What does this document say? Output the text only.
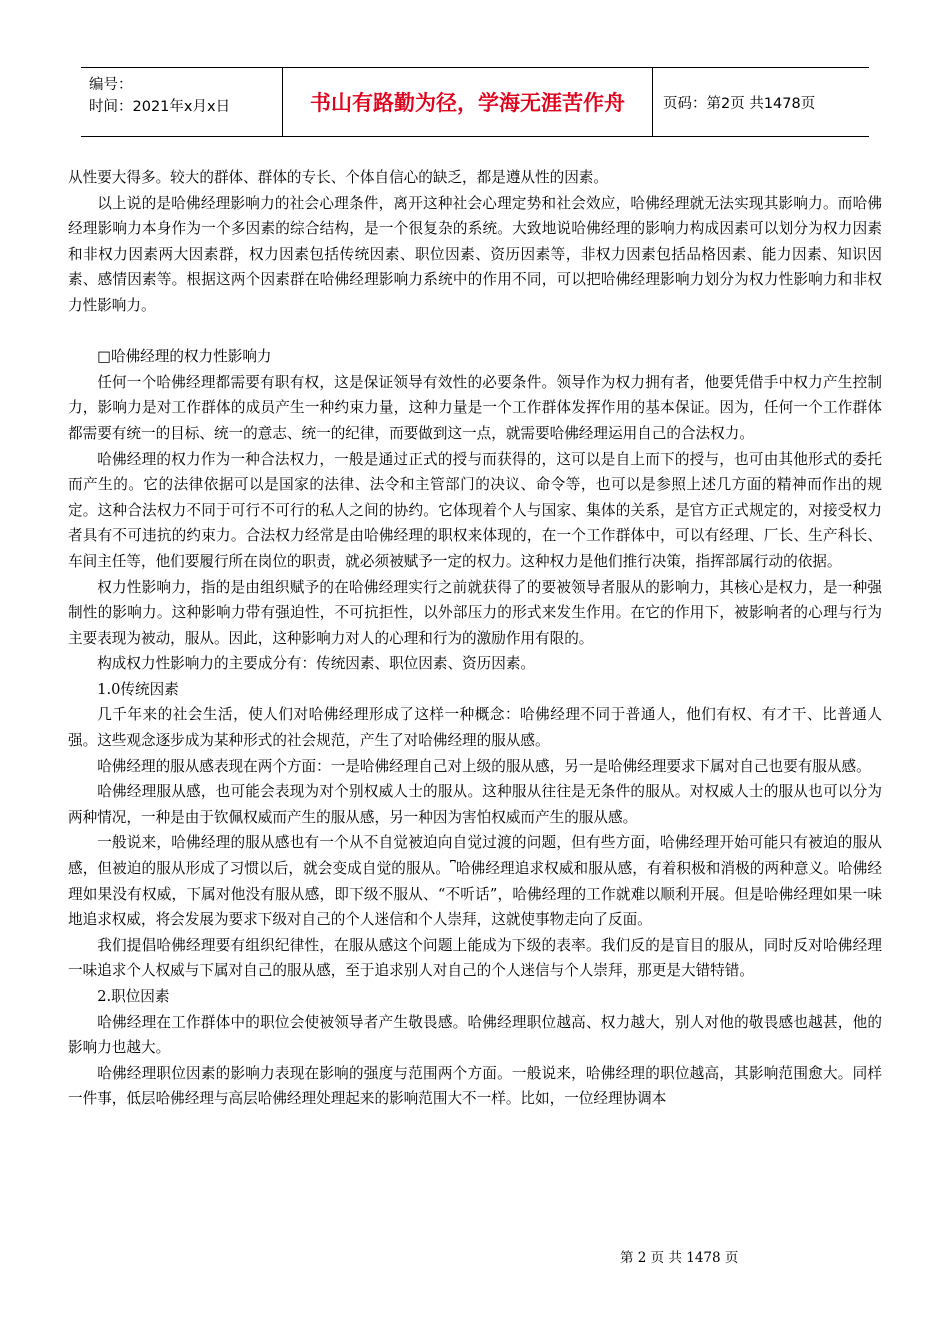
编号：
时间：2021年x月x日	书山有路勤为径，学海无涯苦作舟	页码：第2页 共1478页

从性要大得多。较大的群体、群体的专长、个体自信心的缺乏，都是遵从性的因素。

以上说的是哈佛经理影响力的社会心理条件，离开这种社会心理定势和社会效应，哈佛经理就无法实现其影响力。而哈佛经理影响力本身作为一个多因素的综合结构，是一个很复杂的系统。大致地说哈佛经理的影响力构成因素可以划分为权力因素和非权力因素两大因素群，权力因素包括传统因素、职位因素、资历因素等，非权力因素包括品格因素、能力因素、知识因素、感情因素等。根据这两个因素群在哈佛经理影响力系统中的作用不同，可以把哈佛经理影响力划分为权力性影响力和非权力性影响力。

□哈佛经理的权力性影响力

任何一个哈佛经理都需要有职有权，这是保证领导有效性的必要条件。领导作为权力拥有者，他要凭借手中权力产生控制力，影响力是对工作群体的成员产生一种约束力量，这种力量是一个工作群体发挥作用的基本保证。因为，任何一个工作群体都需要有统一的目标、统一的意志、统一的纪律，而要做到这一点，就需要哈佛经理运用自己的合法权力。

哈佛经理的权力作为一种合法权力，一般是通过正式的授与而获得的，这可以是自上而下的授与，也可由其他形式的委托而产生的。它的法律依据可以是国家的法律、法令和主管部门的决议、命令等，也可以是参照上述几方面的精神而作出的规定。这种合法权力不同于可行不可行的私人之间的协约。它体现着个人与国家、集体的关系，是官方正式规定的，对接受权力者具有不可违抗的约束力。合法权力经常是由哈佛经理的职权来体现的，在一个工作群体中，可以有经理、厂长、生产科长、车间主任等，他们要履行所在岗位的职责，就必须被赋予一定的权力。这种权力是他们推行决策，指挥部属行动的依据。

权力性影响力，指的是由组织赋予的在哈佛经理实行之前就获得了的要被领导者服从的影响力，其核心是权力，是一种强制性的影响力。这种影响力带有强迫性，不可抗拒性，以外部压力的形式来发生作用。在它的作用下，被影响者的心理与行为主要表现为被动，服从。因此，这种影响力对人的心理和行为的激励作用有限的。

构成权力性影响力的主要成分有：传统因素、职位因素、资历因素。

1.0传统因素

几千年来的社会生活，使人们对哈佛经理形成了这样一种概念：哈佛经理不同于普通人，他们有权、有才干、比普通人强。这些观念逐步成为某种形式的社会规范，产生了对哈佛经理的服从感。

哈佛经理的服从感表现在两个方面：一是哈佛经理自己对上级的服从感，另一是哈佛经理要求下属对自己也要有服从感。

哈佛经理服从感，也可能会表现为对个别权威人士的服从。这种服从往往是无条件的服从。对权威人士的服从也可以分为两种情况，一种是由于钦佩权威而产生的服从感，另一种因为害怕权威而产生的服从感。

一般说来，哈佛经理的服从感也有一个从不自觉被迫向自觉过渡的问题，但有些方面，哈佛经理开始可能只有被迫的服从感，但被迫的服从形成了习惯以后，就会变成自觉的服从。⎴哈佛经理追求权威和服从感，有着积极和消极的两种意义。哈佛经理如果没有权威，下属对他没有服从感，即下级不服从、“不听话”，哈佛经理的工作就难以顺利开展。但是哈佛经理如果一味地追求权威，将会发展为要求下级对自己的个人迷信和个人崇拜，这就使事物走向了反面。

我们提倡哈佛经理要有组织纪律性，在服从感这个问题上能成为下级的表率。我们反的是盲目的服从，同时反对哈佛经理一味追求个人权威与下属对自己的服从感，至于追求别人对自己的个人迷信与个人崇拜，那更是大错特错。

2.职位因素

哈佛经理在工作群体中的职位会使被领导者产生敬畏感。哈佛经理职位越高、权力越大，别人对他的敬畏感也越甚，他的影响力也越大。

哈佛经理职位因素的影响力表现在影响的强度与范围两个方面。一般说来，哈佛经理的职位越高，其影响范围愈大。同样一件事，低层哈佛经理与高层哈佛经理处理起来的影响范围大不一样。比如，一位经理协调本

第 2 页 共 1478 页
